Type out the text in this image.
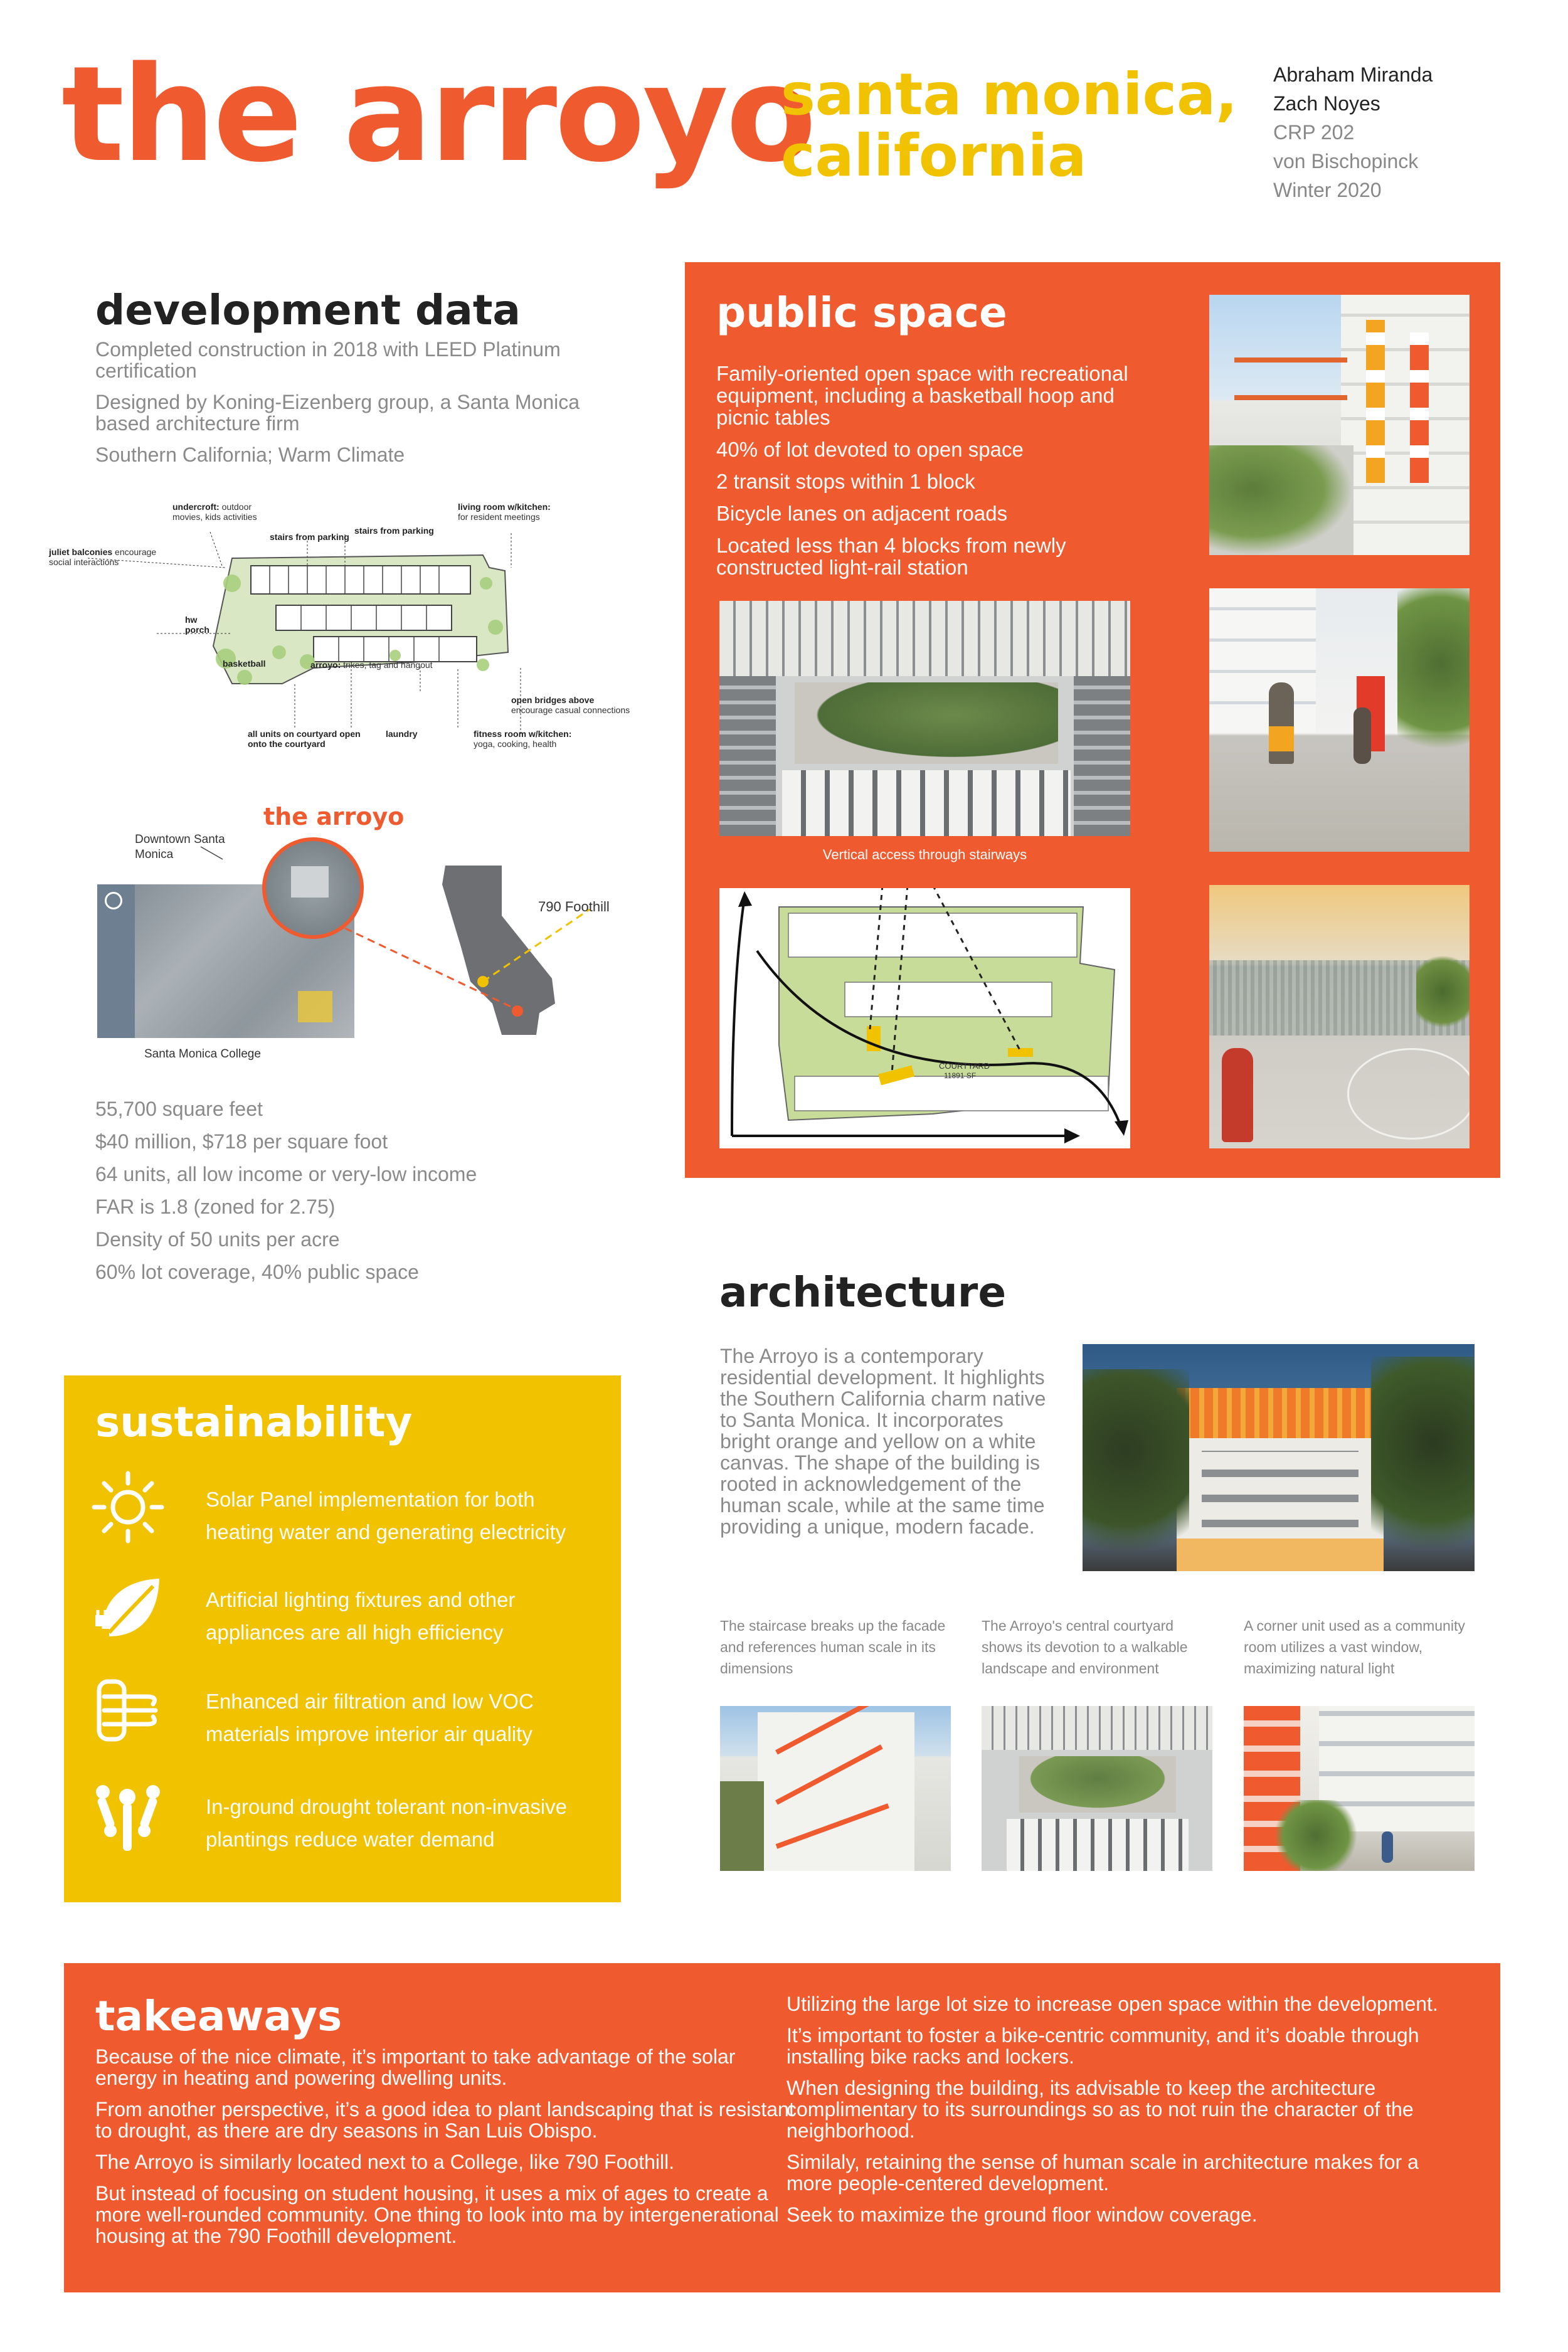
the arroyo
santa monica,
california
Abraham Miranda
Zach Noyes
CRP 202
von Bischopinck
Winter 2020
development data

Completed construction in 2018 with LEED Platinum certification

Designed by Koning-Eizenberg group, a Santa Monica based architecture firm

Southern California; Warm Climate

undercroft: outdoor movies, kids activities
stairs from parking
stairs from parking
living room w/kitchen:
for resident meetings
juliet balconies encourage social interactions
hw porch
basketball	arroyo: trikes, tag and hangout
open bridges above
encourage casual connections
all units on courtyard open onto the courtyard
laundry	fitness room w/kitchen:
yoga, cooking, health
the arroyo
Downtown Santa Monica
790 Foothill
Santa Monica College
55,700 square feet
$40 million, $718 per square foot
64 units, all low income or very-low income
FAR is 1.8 (zoned for 2.75)
Density of 50 units per acre
60% lot coverage, 40% public space
public space

Family-oriented open space with recreational equipment, including a basketball hoop and picnic tables

40% of lot devoted to open space

2 transit stops within 1 block

Bicycle lanes on adjacent roads

Located less than 4 blocks from newly constructed light-rail station

Vertical access through stairways
COURTYARD
11891 SF
sustainability
Solar Panel implementation for both heating water and generating electricity
Artificial lighting fixtures and other appliances are all high efficiency
Enhanced air filtration and low VOC materials improve interior air quality
In-ground drought tolerant non-invasive plantings reduce water demand
architecture
The Arroyo is a contemporary residential development. It highlights the Southern California charm native to Santa Monica. It incorporates bright orange and yellow on a white canvas. The shape of the building is rooted in acknowledgement of the human scale, while at the same time providing a unique, modern facade.
The staircase breaks up the facade and references human scale in its dimensions
The Arroyo's central courtyard shows its devotion to a walkable landscape and environment
A corner unit used as a community room utilizes a vast window, maximizing natural light
takeaways

Because of the nice climate, it’s important to take advantage of the solar energy in heating and powering dwelling units.

From another perspective, it’s a good idea to plant landscaping that is resistant to drought, as there are dry seasons in San Luis Obispo.

The Arroyo is similarly located next to a College, like 790 Foothill.

But instead of focusing on student housing, it uses a mix of ages to create a more well-rounded community. One thing to look into ma by intergenerational housing at the 790 Foothill development.

Utilizing the large lot size to increase open space within the development.

It’s important to foster a bike-centric community, and it’s doable through installing bike racks and lockers.

When designing the building, its advisable to keep the architecture complimentary to its surroundings so as to not ruin the character of the neighborhood.

Similaly, retaining the sense of human scale in architecture makes for a more people-centered development.

Seek to maximize the ground floor window coverage.
